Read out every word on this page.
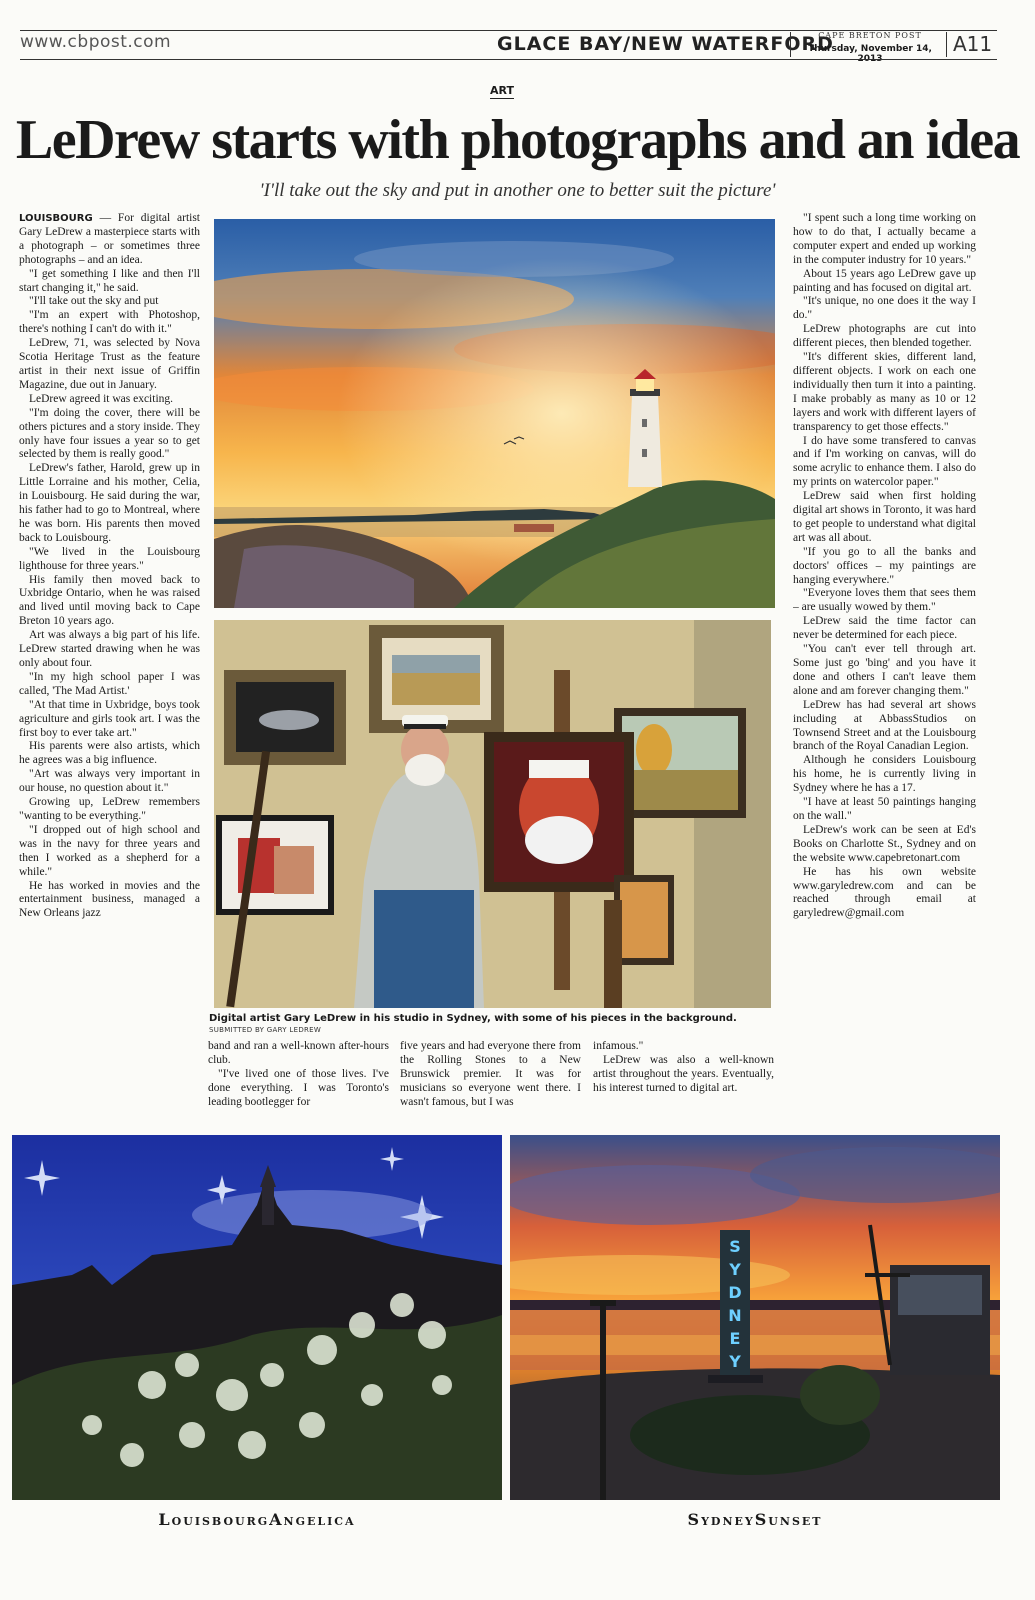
www.cbpost.com	GLACE BAY/NEW WATERFORD
CAPE BRETON POST
Thursday, November 14, 2013
A11
ART
LeDrew starts with photographs and an idea
'I'll take out the sky and put in another one to better suit the picture'

LOUISBOURG — For digital artist Gary LeDrew a masterpiece starts with a photograph – or sometimes three photographs – and an idea.

"I get something I like and then I'll start changing it," he said.

"I'll take out the sky and put

"I'm an expert with Photoshop, there's nothing I can't do with it."

LeDrew, 71, was selected by Nova Scotia Heritage Trust as the feature artist in their next issue of Griffin Magazine, due out in January.

LeDrew agreed it was exciting.

"I'm doing the cover, there will be others pictures and a story inside. They only have four issues a year so to get selected by them is really good."

LeDrew's father, Harold, grew up in Little Lorraine and his mother, Celia, in Louisbourg. He said during the war, his father had to go to Montreal, where he was born. His parents then moved back to Louisbourg.

"We lived in the Louisbourg lighthouse for three years."

His family then moved back to Uxbridge Ontario, when he was raised and lived until moving back to Cape Breton 10 years ago.

Art was always a big part of his life. LeDrew started drawing when he was only about four.

"In my high school paper I was called, 'The Mad Artist.'

"At that time in Uxbridge, boys took agriculture and girls took art. I was the first boy to ever take art."

His parents were also artists, which he agrees was a big influence.

"Art was always very important in our house, no question about it."

Growing up, LeDrew remembers "wanting to be everything."

"I dropped out of high school and was in the navy for three years and then I worked as a shepherd for a while."

He has worked in movies and the entertainment business, managed a New Orleans jazz

Digital artist Gary LeDrew in his studio in Sydney, with some of his pieces in the background. SUBMITTED BY GARY LEDREW

band and ran a well-known after-hours club.

"I've lived one of those lives. I've done everything. I was Toronto's leading bootlegger for

five years and had everyone there from the Rolling Stones to a New Brunswick premier. It was for musicians so everyone went there. I wasn't famous, but I was

infamous."

LeDrew was also a well-known artist throughout the years. Eventually, his interest turned to digital art.

"I spent such a long time working on how to do that, I actually became a computer expert and ended up working in the computer industry for 10 years."

About 15 years ago LeDrew gave up painting and has focused on digital art.

"It's unique, no one does it the way I do."

LeDrew photographs are cut into different pieces, then blended together.

"It's different skies, different land, different objects. I work on each one individually then turn it into a painting. I make probably as many as 10 or 12 layers and work with different layers of transparency to get those effects."

I do have some transfered to canvas and if I'm working on canvas, will do some acrylic to enhance them. I also do my prints on watercolor paper."

LeDrew said when first holding digital art shows in Toronto, it was hard to get people to understand what digital art was all about.

"If you go to all the banks and doctors' offices – my paintings are hanging everywhere."

"Everyone loves them that sees them – are usually wowed by them."

LeDrew said the time factor can never be determined for each piece.

"You can't ever tell through art. Some just go 'bing' and you have it done and others I can't leave them alone and am forever changing them."

LeDrew has had several art shows including at AbbassStudios on Townsend Street and at the Louisbourg branch of the Royal Canadian Legion.

Although he considers Louisbourg his home, he is currently living in Sydney where he has a 17.

"I have at least 50 paintings hanging on the wall."

LeDrew's work can be seen at Ed's Books on Charlotte St., Sydney and on the website www.capebretonart.com

He has his own website www.garyledrew.com and can be reached through email at garyledrew@gmail.com

LouisbourgAngelica
S
Y
D
N
E
Y
SydneySunset
